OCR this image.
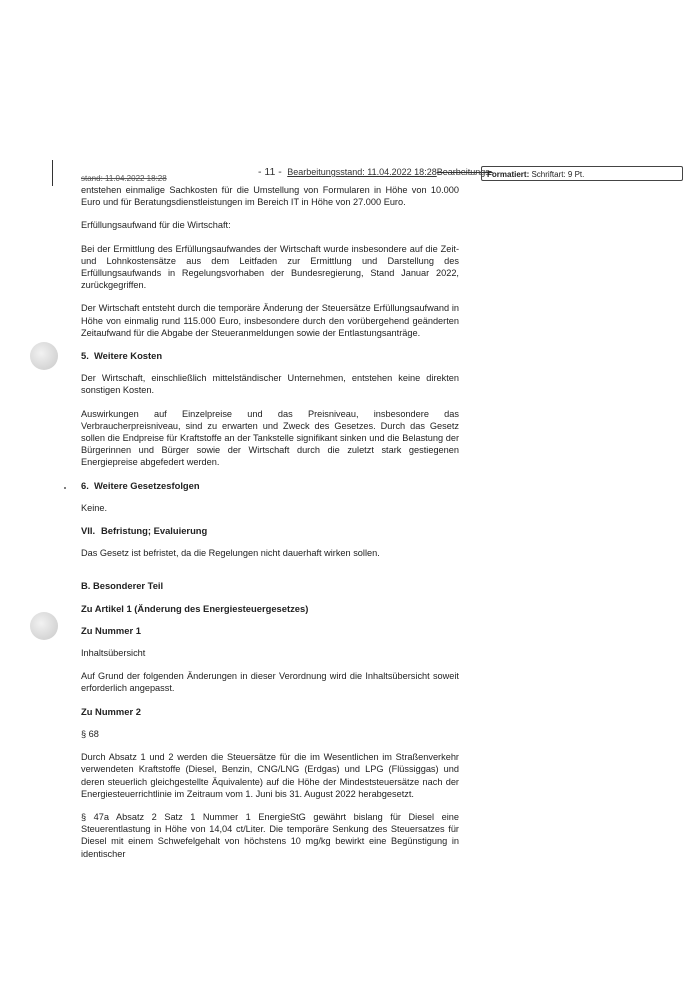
- 11 - Bearbeitungsstand: 11.04.2022 18:28Bearbeitungs-
stand: 11.04.2022 18:28	Formatiert: Schriftart: 9 Pt.

entstehen einmalige Sachkosten für die Umstellung von Formularen in Höhe von 10.000 Euro und für Beratungsdienstleistungen im Bereich IT in Höhe von 27.000 Euro.

Erfüllungsaufwand für die Wirtschaft:

Bei der Ermittlung des Erfüllungsaufwandes der Wirtschaft wurde insbesondere auf die Zeit- und Lohnkostensätze aus dem Leitfaden zur Ermittlung und Darstellung des Erfüllungsaufwands in Regelungsvorhaben der Bundesregierung, Stand Januar 2022, zurückgegriffen.

Der Wirtschaft entsteht durch die temporäre Änderung der Steuersätze Erfüllungsaufwand in Höhe von einmalig rund 115.000 Euro, insbesondere durch den vorübergehend geänderten Zeitaufwand für die Abgabe der Steueranmeldungen sowie der Entlastungsanträge.

5. Weitere Kosten

Der Wirtschaft, einschließlich mittelständischer Unternehmen, entstehen keine direkten sonstigen Kosten.

Auswirkungen auf Einzelpreise und das Preisniveau, insbesondere das Verbraucherpreisniveau, sind zu erwarten und Zweck des Gesetzes. Durch das Gesetz sollen die Endpreise für Kraftstoffe an der Tankstelle signifikant sinken und die Belastung der Bürgerinnen und Bürger sowie der Wirtschaft durch die zuletzt stark gestiegenen Energiepreise abgefedert werden.

6. Weitere Gesetzesfolgen

Keine.

VII. Befristung; Evaluierung

Das Gesetz ist befristet, da die Regelungen nicht dauerhaft wirken sollen.

B. Besonderer Teil
Zu Artikel 1 (Änderung des Energiesteuergesetzes)
Zu Nummer 1

Inhaltsübersicht

Auf Grund der folgenden Änderungen in dieser Verordnung wird die Inhaltsübersicht soweit erforderlich angepasst.

Zu Nummer 2

§ 68

Durch Absatz 1 und 2 werden die Steuersätze für die im Wesentlichen im Straßenverkehr verwendeten Kraftstoffe (Diesel, Benzin, CNG/LNG (Erdgas) und LPG (Flüssiggas) und deren steuerlich gleichgestellte Äquivalente) auf die Höhe der Mindeststeuersätze nach der Energiesteuerrichtlinie im Zeitraum vom 1. Juni bis 31. August 2022 herabgesetzt.

§ 47a Absatz 2 Satz 1 Nummer 1 EnergieStG gewährt bislang für Diesel eine Steuerentlastung in Höhe von 14,04 ct/Liter. Die temporäre Senkung des Steuersatzes für Diesel mit einem Schwefelgehalt von höchstens 10 mg/kg bewirkt eine Begünstigung in identischer
